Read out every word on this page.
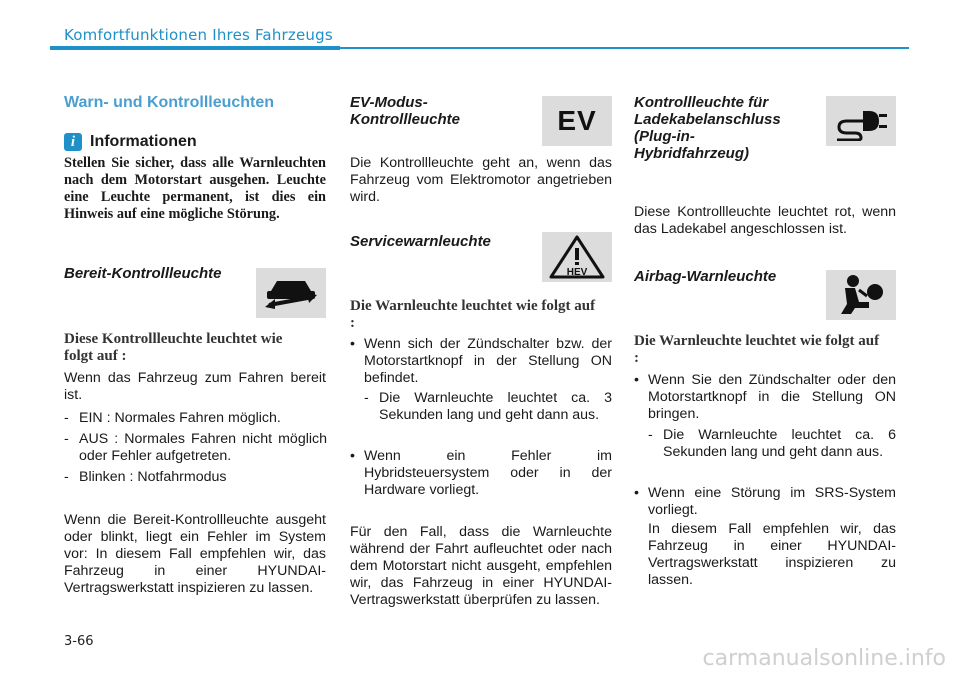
Komfortfunktionen Ihres Fahrzeugs
Warn- und Kontrollleuchten
i Informationen

Stellen Sie sicher, dass alle Warnleuchten nach dem Motorstart ausgehen. Leuchte eine Leuchte permanent, ist dies ein Hinweis auf eine mögliche Störung.

Bereit-Kontrollleuchte

Diese Kontrollleuchte leuchtet wie folgt auf :

Wenn das Fahrzeug zum Fahren bereit ist.

- EIN : Normales Fahren möglich.
- AUS : Normales Fahren nicht möglich oder Fehler aufgetreten.
- Blinken : Notfahrmodus

Wenn die Bereit-Kontrollleuchte ausgeht oder blinkt, liegt ein Fehler im System vor: In diesem Fall empfehlen wir, das Fahrzeug in einer HYUNDAI-Vertragswerkstatt inspizieren zu lassen.

EV-Modus-Kontrollleuchte	EV

Die Kontrollleuchte geht an, wenn das Fahrzeug vom Elektromotor angetrieben wird.

Servicewarnleuchte
HEV

Die Warnleuchte leuchtet wie folgt auf :

• Wenn sich der Zündschalter bzw. der Motorstartknopf in der Stellung ON befindet.
- Die Warnleuchte leuchtet ca. 3 Sekunden lang und geht dann aus.
• Wenn ein Fehler im Hybridsteuersystem oder in der Hardware vorliegt.

Für den Fall, dass die Warnleuchte während der Fahrt aufleuchtet oder nach dem Motorstart nicht ausgeht, empfehlen wir, das Fahrzeug in einer HYUNDAI-Vertragswerkstatt überprüfen zu lassen.

Kontrollleuchte für Ladekabelanschluss (Plug-in-Hybridfahrzeug)

Diese Kontrollleuchte leuchtet rot, wenn das Ladekabel angeschlossen ist.

Airbag-Warnleuchte

Die Warnleuchte leuchtet wie folgt auf :

• Wenn Sie den Zündschalter oder den Motorstartknopf in die Stellung ON bringen.
- Die Warnleuchte leuchtet ca. 6 Sekunden lang und geht dann aus.
• Wenn eine Störung im SRS-System vorliegt.

In diesem Fall empfehlen wir, das Fahrzeug in einer HYUNDAI-Vertragswerkstatt inspizieren zu lassen.

3-66
carmanualsonline.info
